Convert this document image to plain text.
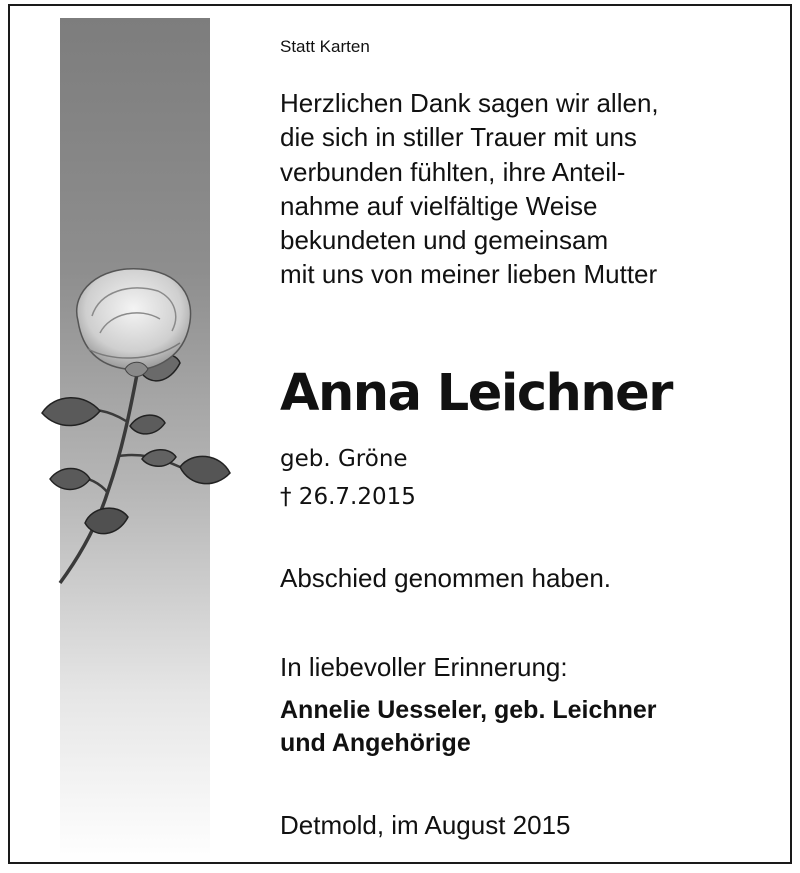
Statt Karten
Herzlichen Dank sagen wir allen,
die sich in stiller Trauer mit uns
verbunden fühlten, ihre Anteil-
nahme auf vielfältige Weise
bekundeten und gemeinsam
mit uns von meiner lieben Mutter
Anna Leichner
geb. Gröne
† 26.7.2015
Abschied genommen haben.
In liebevoller Erinnerung:
Annelie Uesseler, geb. Leichner
und Angehörige
Detmold, im August 2015
